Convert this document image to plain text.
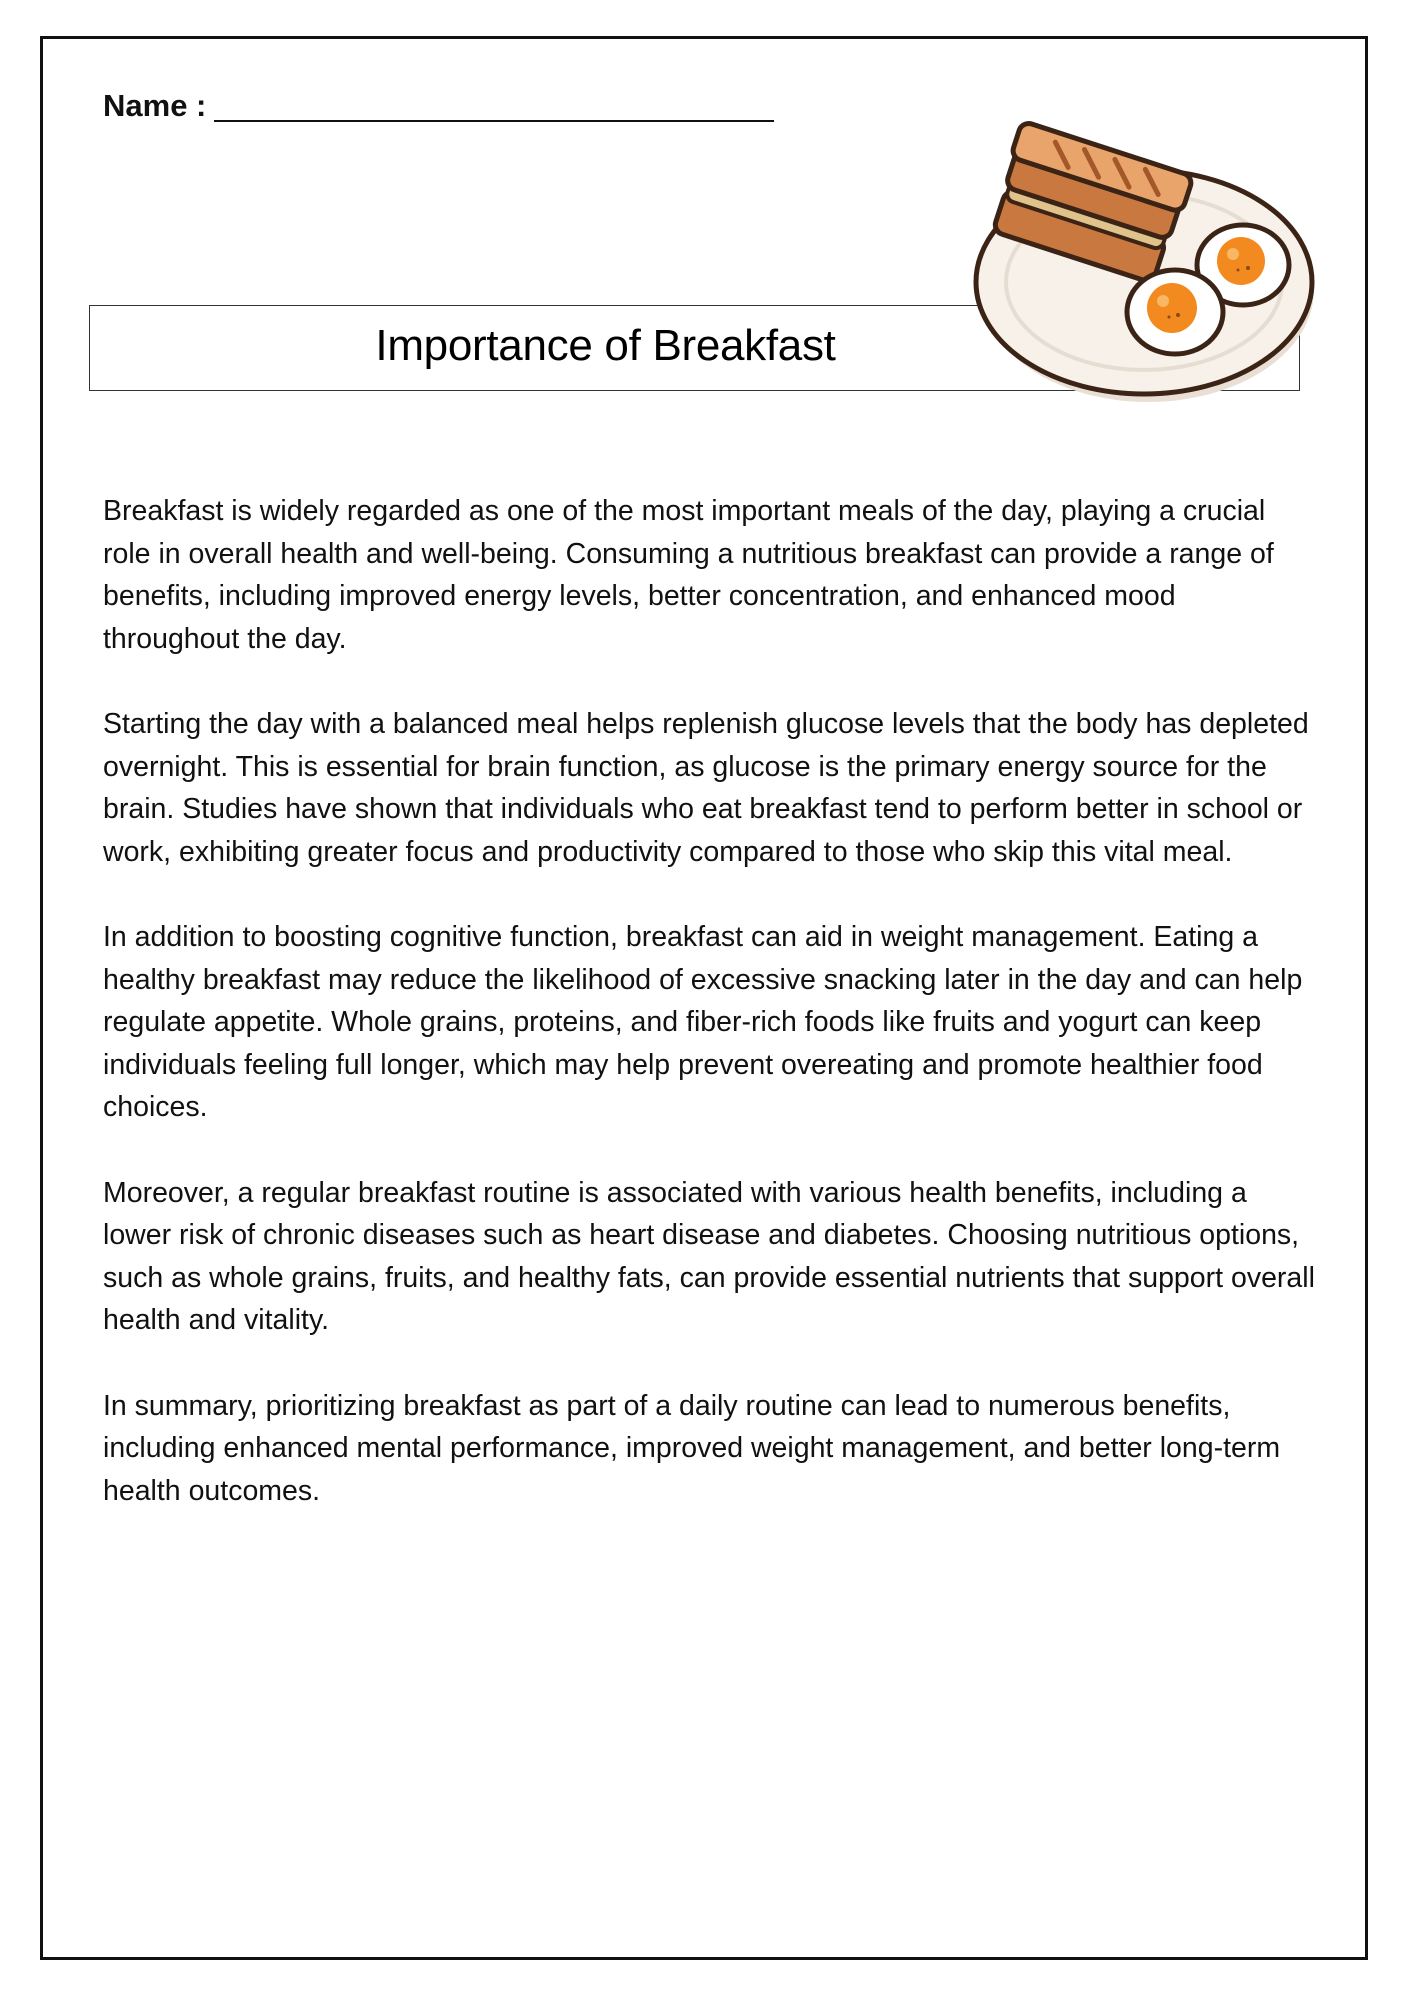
Name :
Importance of Breakfast

Breakfast is widely regarded as one of the most important meals of the day, playing a crucial role in overall health and well-being. Consuming a nutritious breakfast can provide a range of benefits, including improved energy levels, better concentration, and enhanced mood throughout the day.

Starting the day with a balanced meal helps replenish glucose levels that the body has depleted overnight. This is essential for brain function, as glucose is the primary energy source for the brain. Studies have shown that individuals who eat breakfast tend to perform better in school or work, exhibiting greater focus and productivity compared to those who skip this vital meal.

In addition to boosting cognitive function, breakfast can aid in weight management. Eating a healthy breakfast may reduce the likelihood of excessive snacking later in the day and can help regulate appetite. Whole grains, proteins, and fiber-rich foods like fruits and yogurt can keep individuals feeling full longer, which may help prevent overeating and promote healthier food choices.

Moreover, a regular breakfast routine is associated with various health benefits, including a lower risk of chronic diseases such as heart disease and diabetes. Choosing nutritious options, such as whole grains, fruits, and healthy fats, can provide essential nutrients that support overall health and vitality.

In summary, prioritizing breakfast as part of a daily routine can lead to numerous benefits, including enhanced mental performance, improved weight management, and better long-term health outcomes.
